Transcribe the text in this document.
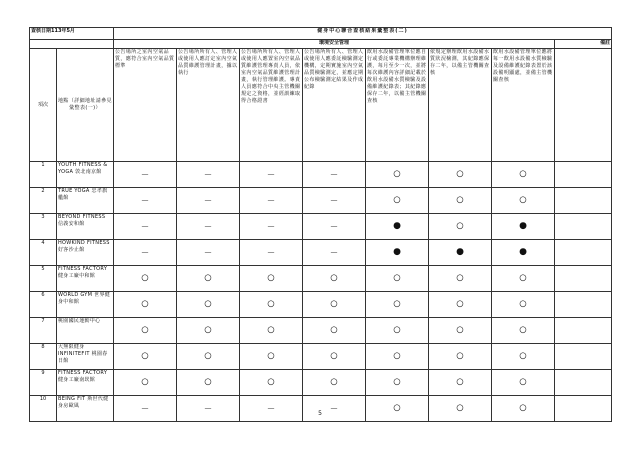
查核日期113年5月		健身中心聯合查核結果彙整表(二)							
		環境安全管理							備註
項次	地點（詳細地址請參見彙整表(一)）	公告場所之室內空氣品質，應符合室內空氣品質標準	公告場所所有人、管理人或使用人應訂定室內空氣品質維護管理計畫，據以執行	公告場所所有人、管理人或使用人應置室內空氣品質維護管理專責人員，依室內空氣品質維護管理計畫，執行管理維護。專責人員應符合中央主管機關規定之資格，並經訓練取得合格證書	公告場所所有人、管理人或使用人應委託檢驗測定機構，定期實施室內空氣品質檢驗測定，並應定期公布檢驗測定結果及作成紀錄	飲用水設備管理單位應自行或委託專業機構辦理維護，每月至少一次，並將每次維護內容詳細記載於飲用水設備水質檢驗及設備維護紀錄表；其紀錄應保存二年，以備主管機關查核	依規定辦理飲用水設備水質狀況檢測，其紀錄應保存二年，以備主管機關查核	飲用水設備管理單位應將每一飲用水設備水質檢驗及設備維護紀錄表置於該設備明顯處，並備主管機關查核	
1	YOUTH FITNESS & YOGA 敦北南京館	—	—	—	—	○	○	○	
2	TRUE YOGA 忠孝旗艦館	—	—	—	—	○	○	○	
3	BEYOND FITNESS 信義安和館	—	—	—	—	●	○	●	
4	HOWKIND FITNESS 好客沙止館	—	—	—	—	●	●	●	
5	FITNESS FACTORY 健身工廠中和館	○	○	○	○	○	○	○	
6	WORLD GYM 世界健身中和館	○	○	○	○	○	○	○	
7	桃園國民運動中心	○	○	○	○	○	○	○	
8	大無限健身 INFINITEFIT 桃園春日館	○	○	○	○	○	○	○	
9	FITNESS FACTORY 健身工廠南崁館	○	○	○	○	○	○	○	
10	BEING FIT 斯世代健身房歐風	—	—	—	—	○	○	○	
5
